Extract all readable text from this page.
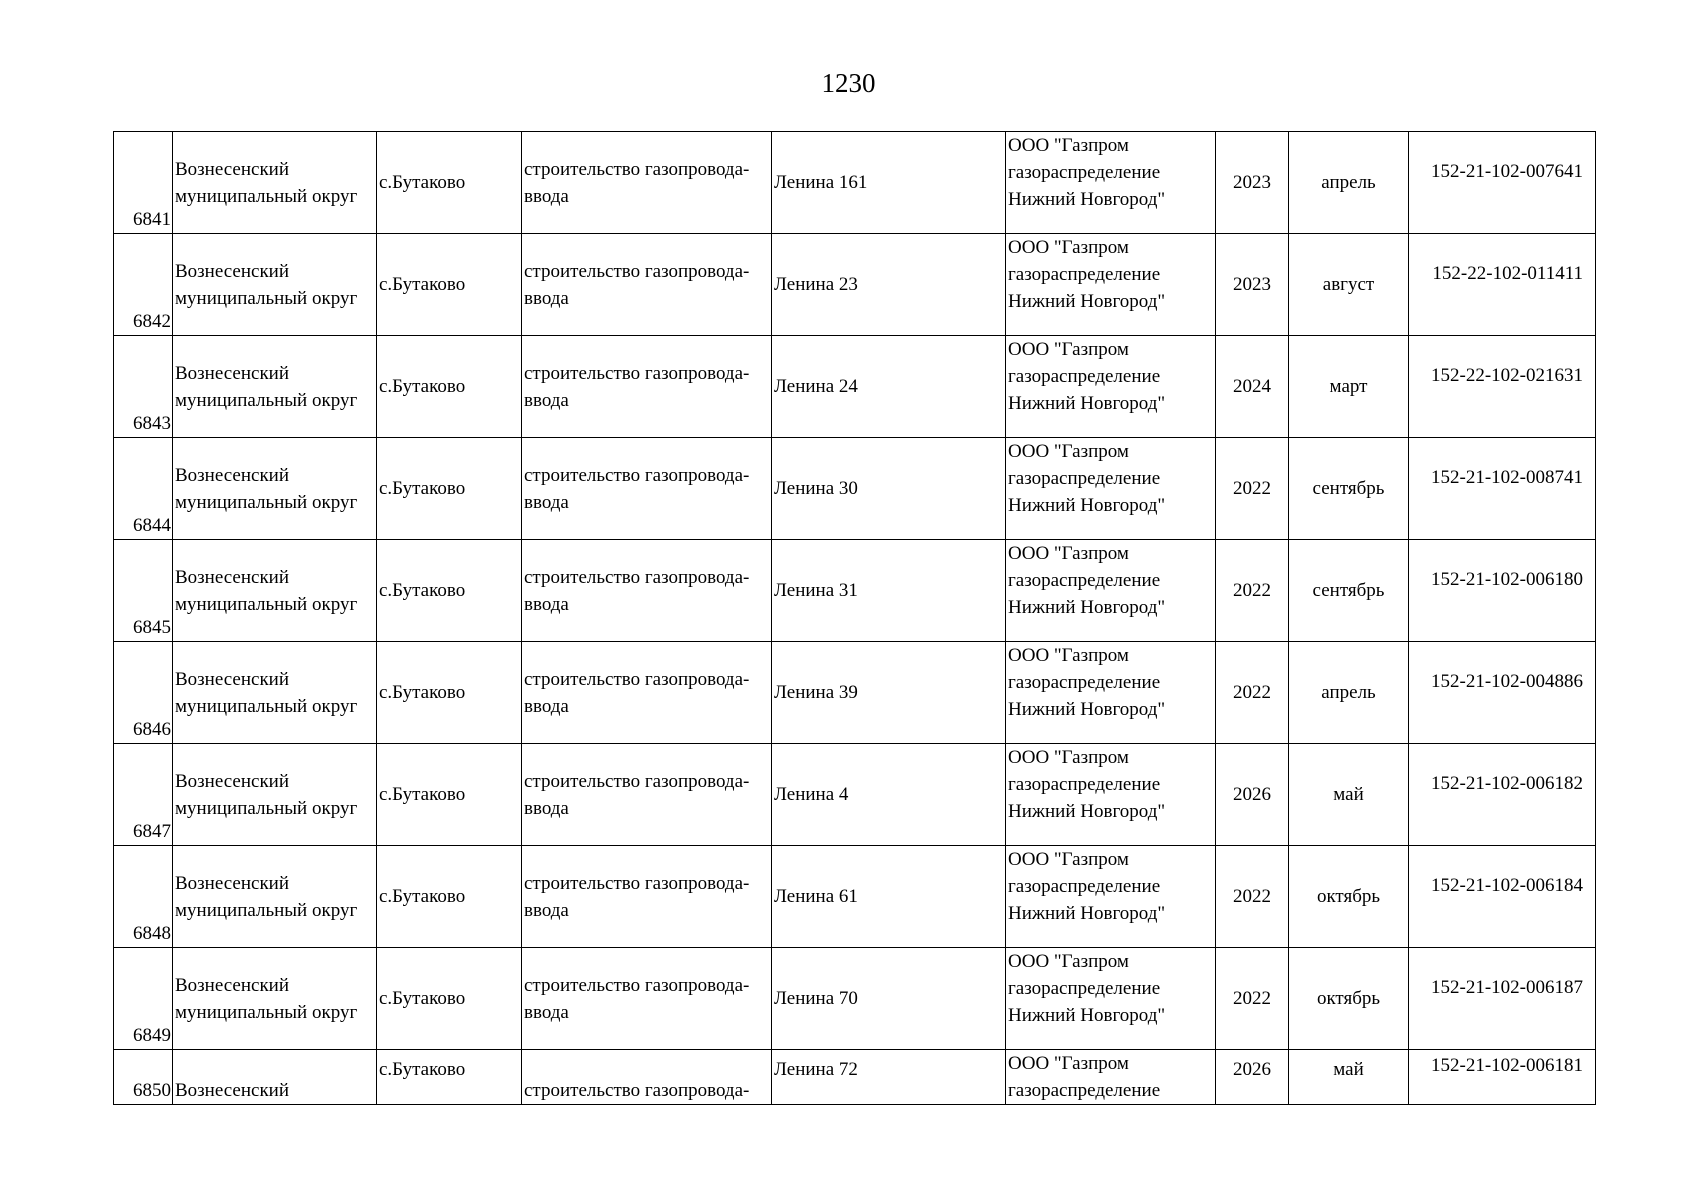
1230
6841	Вознесенский
муниципальный округ	с.Бутаково	строительство газопровода-
ввода	Ленина 161	ООО "Газпром
газораспределение
Нижний Новгород"	2023	апрель	152-21-102-007641
6842	Вознесенский
муниципальный округ	с.Бутаково	строительство газопровода-
ввода	Ленина 23	ООО "Газпром
газораспределение
Нижний Новгород"	2023	август	152-22-102-011411
6843	Вознесенский
муниципальный округ	с.Бутаково	строительство газопровода-
ввода	Ленина 24	ООО "Газпром
газораспределение
Нижний Новгород"	2024	март	152-22-102-021631
6844	Вознесенский
муниципальный округ	с.Бутаково	строительство газопровода-
ввода	Ленина 30	ООО "Газпром
газораспределение
Нижний Новгород"	2022	сентябрь	152-21-102-008741
6845	Вознесенский
муниципальный округ	с.Бутаково	строительство газопровода-
ввода	Ленина 31	ООО "Газпром
газораспределение
Нижний Новгород"	2022	сентябрь	152-21-102-006180
6846	Вознесенский
муниципальный округ	с.Бутаково	строительство газопровода-
ввода	Ленина 39	ООО "Газпром
газораспределение
Нижний Новгород"	2022	апрель	152-21-102-004886
6847	Вознесенский
муниципальный округ	с.Бутаково	строительство газопровода-
ввода	Ленина 4	ООО "Газпром
газораспределение
Нижний Новгород"	2026	май	152-21-102-006182
6848	Вознесенский
муниципальный округ	с.Бутаково	строительство газопровода-
ввода	Ленина 61	ООО "Газпром
газораспределение
Нижний Новгород"	2022	октябрь	152-21-102-006184
6849	Вознесенский
муниципальный округ	с.Бутаково	строительство газопровода-
ввода	Ленина 70	ООО "Газпром
газораспределение
Нижний Новгород"	2022	октябрь	152-21-102-006187
6850	Вознесенский	с.Бутаково	строительство газопровода-	Ленина 72	ООО "Газпром
газораспределение	2026	май	152-21-102-006181
